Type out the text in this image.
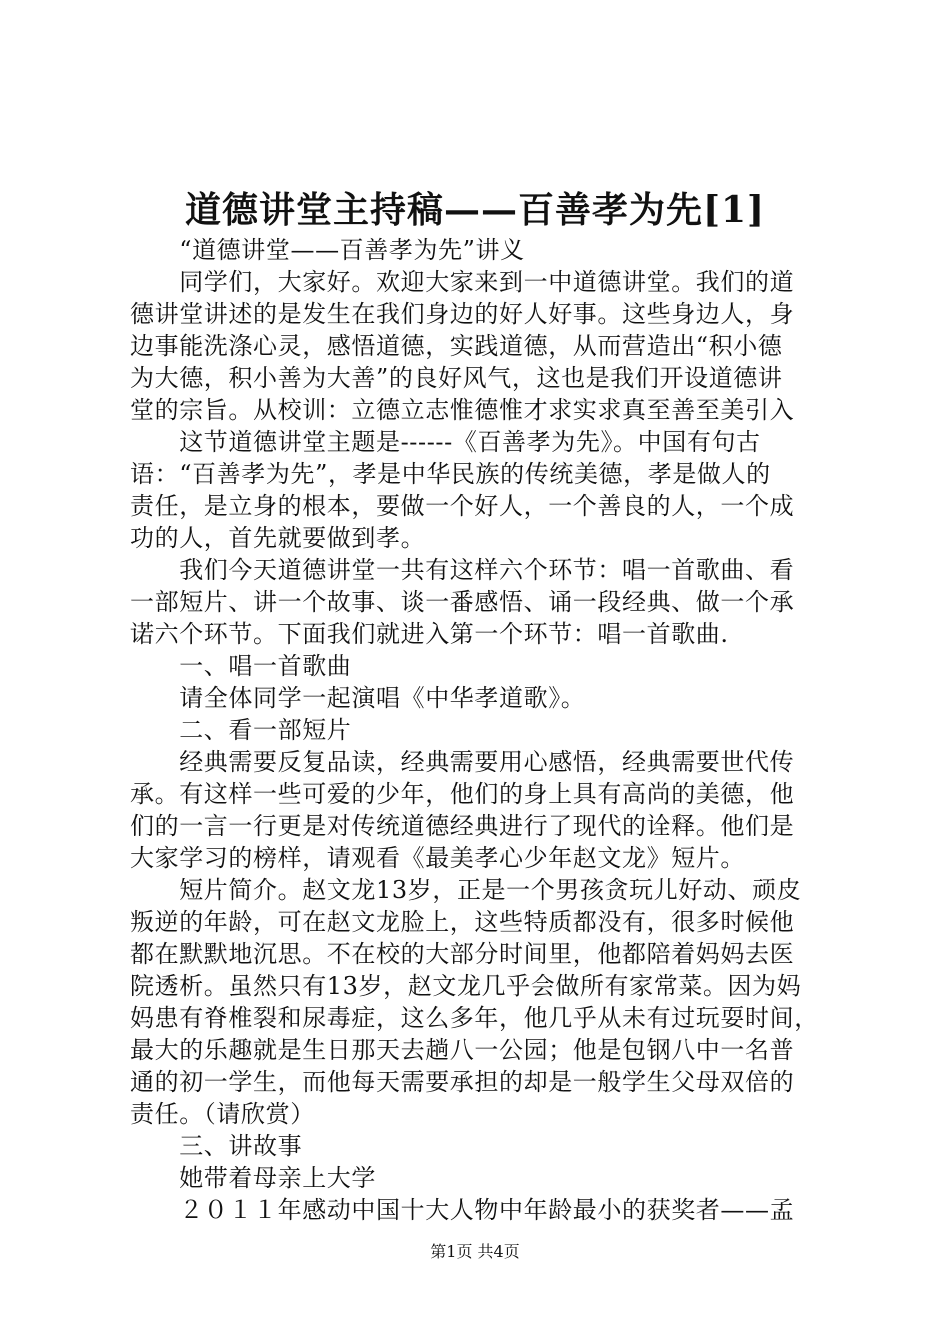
道德讲堂主持稿——百善孝为先[1]
　　“道德讲堂——百善孝为先”讲义
　　同学们，大家好。欢迎大家来到一中道德讲堂。我们的道
德讲堂讲述的是发生在我们身边的好人好事。这些身边人，身
边事能洗涤心灵，感悟道德，实践道德，从而营造出“积小德
为大德，积小善为大善”的良好风气，这也是我们开设道德讲
堂的宗旨。从校训：立德立志惟德惟才求实求真至善至美引入
　　这节道德讲堂主题是------《百善孝为先》。中国有句古
语：“百善孝为先”，孝是中华民族的传统美德，孝是做人的
责任，是立身的根本，要做一个好人，一个善良的人，一个成
功的人，首先就要做到孝。
　　我们今天道德讲堂一共有这样六个环节：唱一首歌曲、看
一部短片、讲一个故事、谈一番感悟、诵一段经典、做一个承
诺六个环节。下面我们就进入第一个环节：唱一首歌曲.
　　一、唱一首歌曲
　　请全体同学一起演唱《中华孝道歌》。
　　二、看一部短片
　　经典需要反复品读，经典需要用心感悟，经典需要世代传
承。有这样一些可爱的少年，他们的身上具有高尚的美德，他
们的一言一行更是对传统道德经典进行了现代的诠释。他们是
大家学习的榜样，请观看《最美孝心少年赵文龙》短片。
　　短片简介。赵文龙13岁，正是一个男孩贪玩儿好动、顽皮
叛逆的年龄，可在赵文龙脸上，这些特质都没有，很多时候他
都在默默地沉思。不在校的大部分时间里，他都陪着妈妈去医
院透析。虽然只有13岁，赵文龙几乎会做所有家常菜。因为妈
妈患有脊椎裂和尿毒症，这么多年，他几乎从未有过玩耍时间，
最大的乐趣就是生日那天去趟八一公园；他是包钢八中一名普
通的初一学生，而他每天需要承担的却是一般学生父母双倍的
责任。（请欣赏）
　　三、讲故事
　　她带着母亲上大学
　　２０１１年感动中国十大人物中年龄最小的获奖者——孟
第1页 共4页
